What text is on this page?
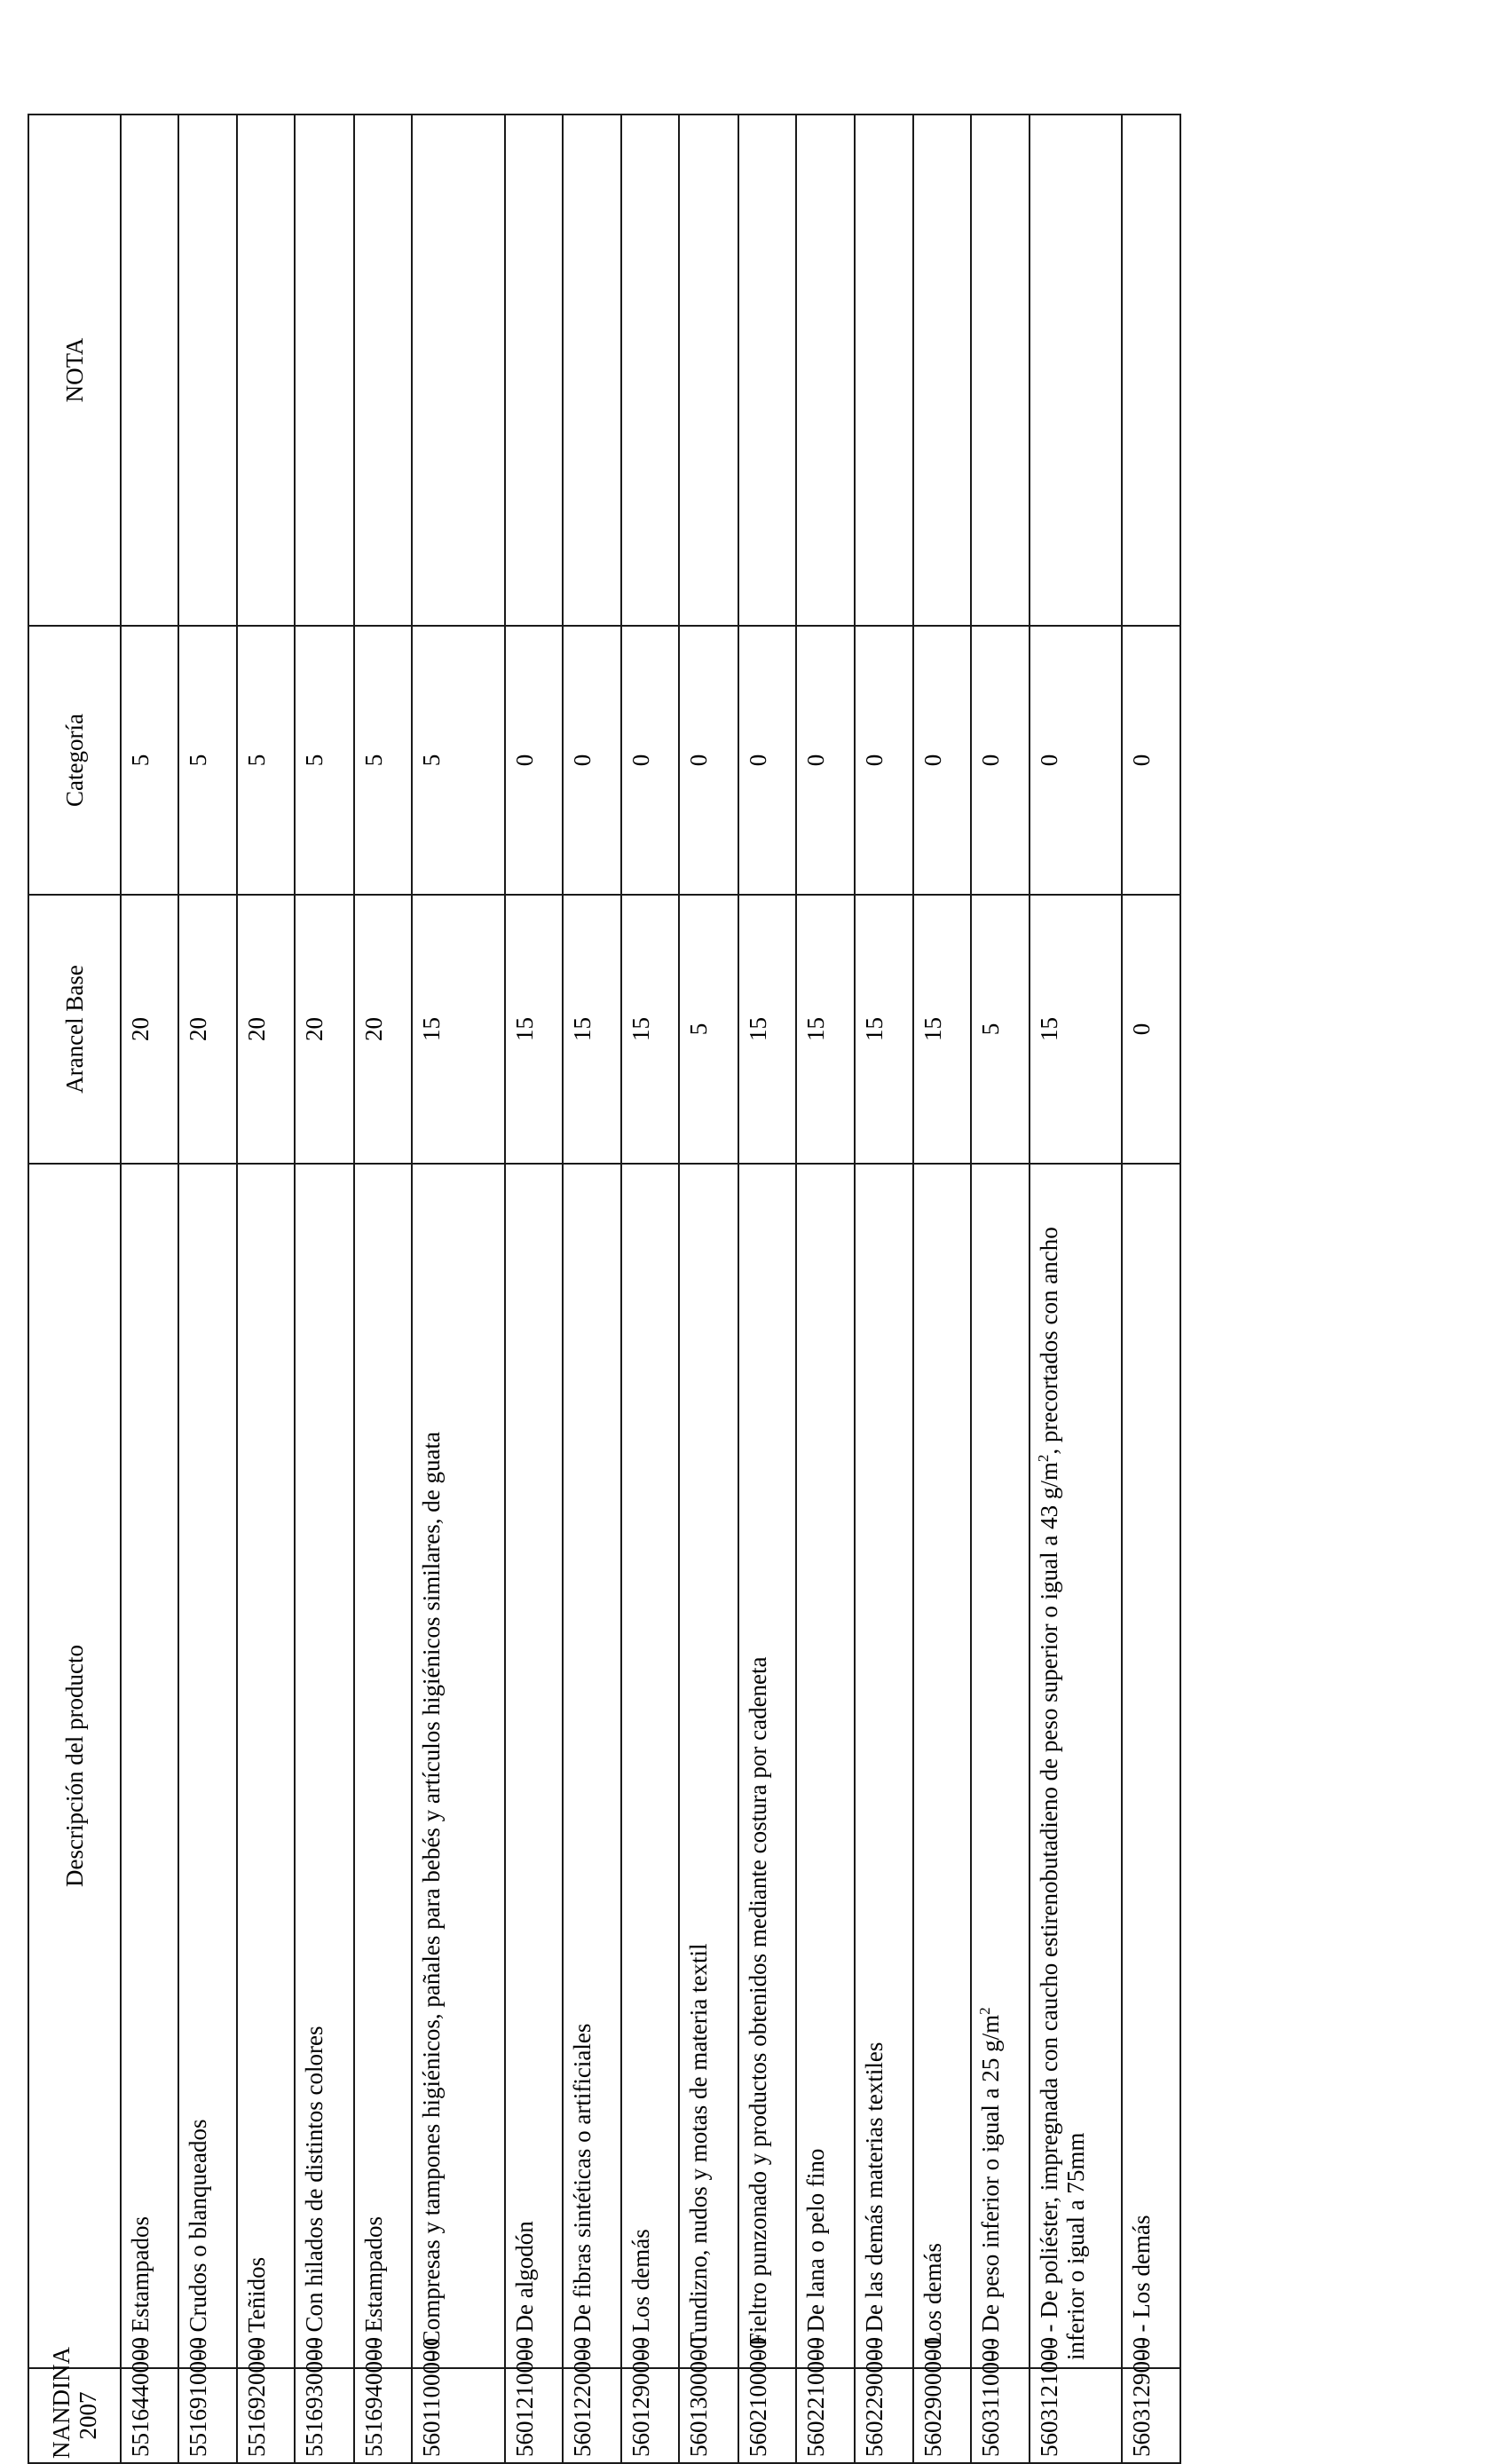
NANDINA 2007	Descripción del producto	Arancel Base	Categoría	NOTA
5516440000	- - Estampados	20	5	
5516910000	- - Crudos o blanqueados	20	5	
5516920000	- - Teñidos	20	5	
5516930000	- - Con hilados de distintos colores	20	5	
5516940000	- - Estampados	20	5	
5601100000	- Compresas y tampones higiénicos, pañales para bebés y artículos higiénicos similares, de guata	15	5	
5601210000	- - De algodón	15	0	
5601220000	- - De fibras sintéticas o artificiales	15	0	
5601290000	- - Los demás	15	0	
5601300000	- Tundizno, nudos y motas de materia textil	5	0	
5602100000	- Fieltro punzonado y productos obtenidos mediante costura por cadeneta	15	0	
5602210000	- - De lana o pelo fino	15	0	
5602290000	- - De las demás materias textiles	15	0	
5602900000	- Los demás	15	0	
5603110000	- - De peso inferior o igual a 25 $g/m^2$	5	0	
5603121000	- - - De poliéster, impregnada con caucho estirenobutadieno de peso superior o igual a 43 $g/m^2$, precortados con ancho inferior o igual a 75mm	15	0	
5603129000	- - - Los demás	0	0	
